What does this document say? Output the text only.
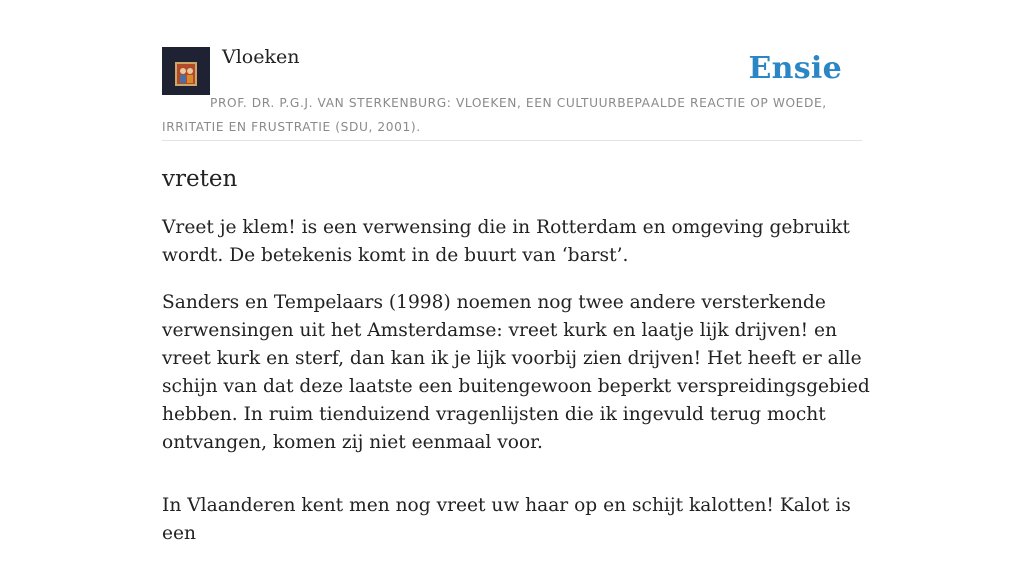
Vloeken	Ensie
PROF. DR. P.G.J. VAN STERKENBURG: VLOEKEN, EEN CULTUURBEPAALDE REACTIE OP WOEDE, IRRITATIE EN FRUSTRATIE (SDU, 2001).
vreten

Vreet je klem! is een verwensing die in Rotterdam en omgeving gebruikt wordt. De betekenis komt in de buurt van ‘barst’.

Sanders en Tempelaars (1998) noemen nog twee andere versterkende verwensingen uit het Amsterdamse: vreet kurk en laatje lijk drijven! en vreet kurk en sterf, dan kan ik je lijk voorbij zien drijven! Het heeft er alle schijn van dat deze laatste een buitengewoon beperkt verspreidingsgebied hebben. In ruim tienduizend vragenlijsten die ik ingevuld terug mocht ontvangen, komen zij niet eenmaal voor.

In Vlaanderen kent men nog vreet uw haar op en schijt kalotten! Kalot is een
